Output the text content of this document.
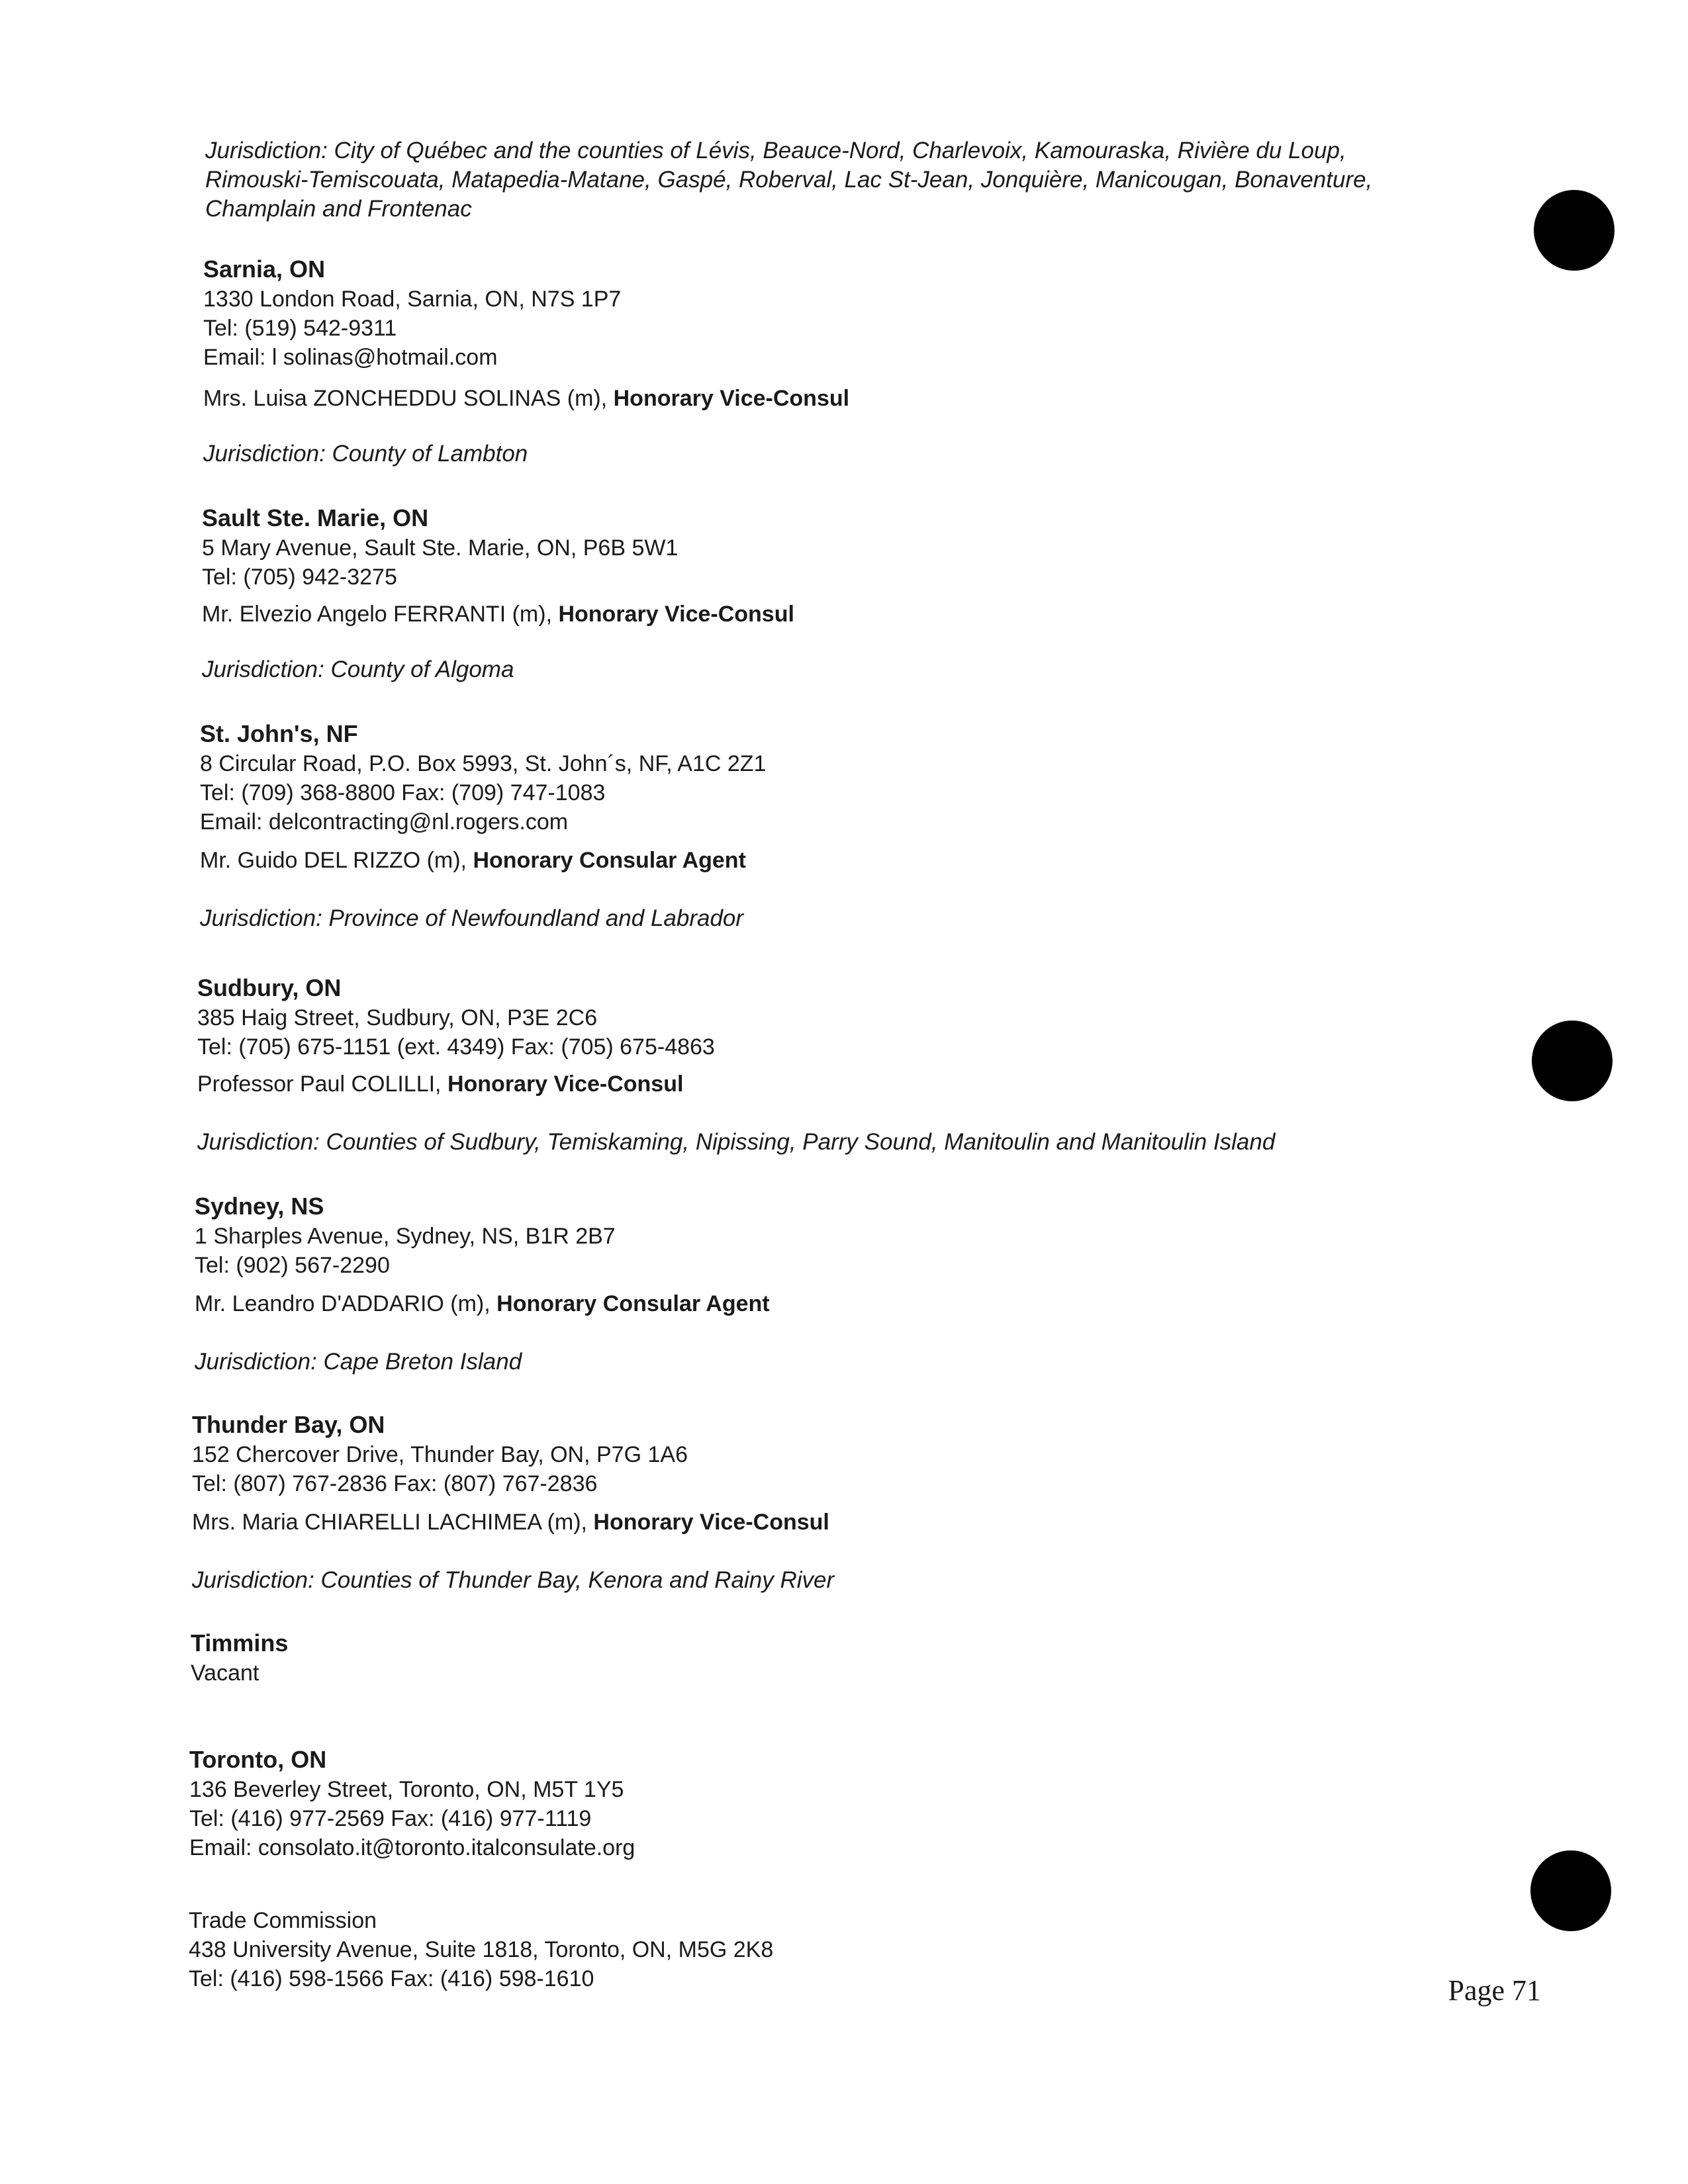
Jurisdiction: City of Québec and the counties of Lévis, Beauce-Nord, Charlevoix, Kamouraska, Rivière du Loup,
Rimouski-Temiscouata, Matapedia-Matane, Gaspé, Roberval, Lac St-Jean, Jonquière, Manicougan, Bonaventure,
Champlain and Frontenac
Sarnia, ON
1330 London Road, Sarnia, ON, N7S 1P7
Tel: (519) 542-9311
Email: l solinas@hotmail.com
Mrs. Luisa ZONCHEDDU SOLINAS (m), Honorary Vice-Consul
Jurisdiction: County of Lambton
Sault Ste. Marie, ON
5 Mary Avenue, Sault Ste. Marie, ON, P6B 5W1
Tel: (705) 942-3275
Mr. Elvezio Angelo FERRANTI (m), Honorary Vice-Consul
Jurisdiction: County of Algoma
St. John's, NF
8 Circular Road, P.O. Box 5993, St. John´s, NF, A1C 2Z1
Tel: (709) 368-8800 Fax: (709) 747-1083
Email: delcontracting@nl.rogers.com
Mr. Guido DEL RIZZO (m), Honorary Consular Agent
Jurisdiction: Province of Newfoundland and Labrador
Sudbury, ON
385 Haig Street, Sudbury, ON, P3E 2C6
Tel: (705) 675-1151 (ext. 4349) Fax: (705) 675-4863
Professor Paul COLILLI, Honorary Vice-Consul
Jurisdiction: Counties of Sudbury, Temiskaming, Nipissing, Parry Sound, Manitoulin and Manitoulin Island
Sydney, NS
1 Sharples Avenue, Sydney, NS, B1R 2B7
Tel: (902) 567-2290
Mr. Leandro D'ADDARIO (m), Honorary Consular Agent
Jurisdiction: Cape Breton Island
Thunder Bay, ON
152 Chercover Drive, Thunder Bay, ON, P7G 1A6
Tel: (807) 767-2836 Fax: (807) 767-2836
Mrs. Maria CHIARELLI LACHIMEA (m), Honorary Vice-Consul
Jurisdiction: Counties of Thunder Bay, Kenora and Rainy River
Timmins
Vacant
Toronto, ON
136 Beverley Street, Toronto, ON, M5T 1Y5
Tel: (416) 977-2569 Fax: (416) 977-1119
Email: consolato.it@toronto.italconsulate.org
Trade Commission
438 University Avenue, Suite 1818, Toronto, ON, M5G 2K8
Tel: (416) 598-1566 Fax: (416) 598-1610	Page 71
